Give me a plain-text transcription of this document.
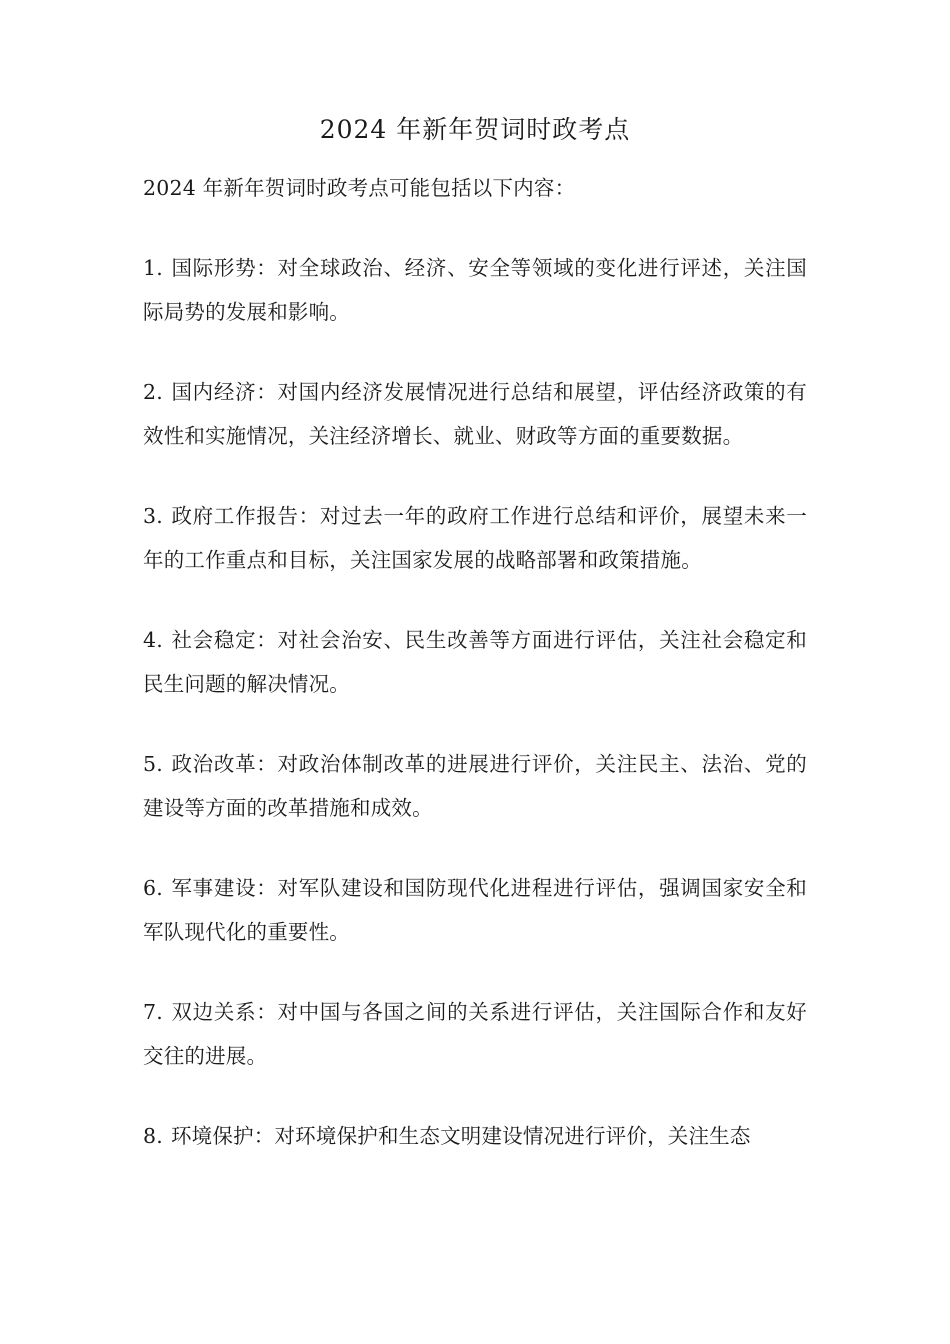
2024 年新年贺词时政考点

2024 年新年贺词时政考点可能包括以下内容：

1. 国际形势：对全球政治、经济、安全等领域的变化进行评述，关注国际局势的发展和影响。

2. 国内经济：对国内经济发展情况进行总结和展望，评估经济政策的有效性和实施情况，关注经济增长、就业、财政等方面的重要数据。

3. 政府工作报告：对过去一年的政府工作进行总结和评价，展望未来一年的工作重点和目标，关注国家发展的战略部署和政策措施。

4. 社会稳定：对社会治安、民生改善等方面进行评估，关注社会稳定和民生问题的解决情况。

5. 政治改革：对政治体制改革的进展进行评价，关注民主、法治、党的建设等方面的改革措施和成效。

6. 军事建设：对军队建设和国防现代化进程进行评估，强调国家安全和军队现代化的重要性。

7. 双边关系：对中国与各国之间的关系进行评估，关注国际合作和友好交往的进展。

8. 环境保护：对环境保护和生态文明建设情况进行评价，关注生态
